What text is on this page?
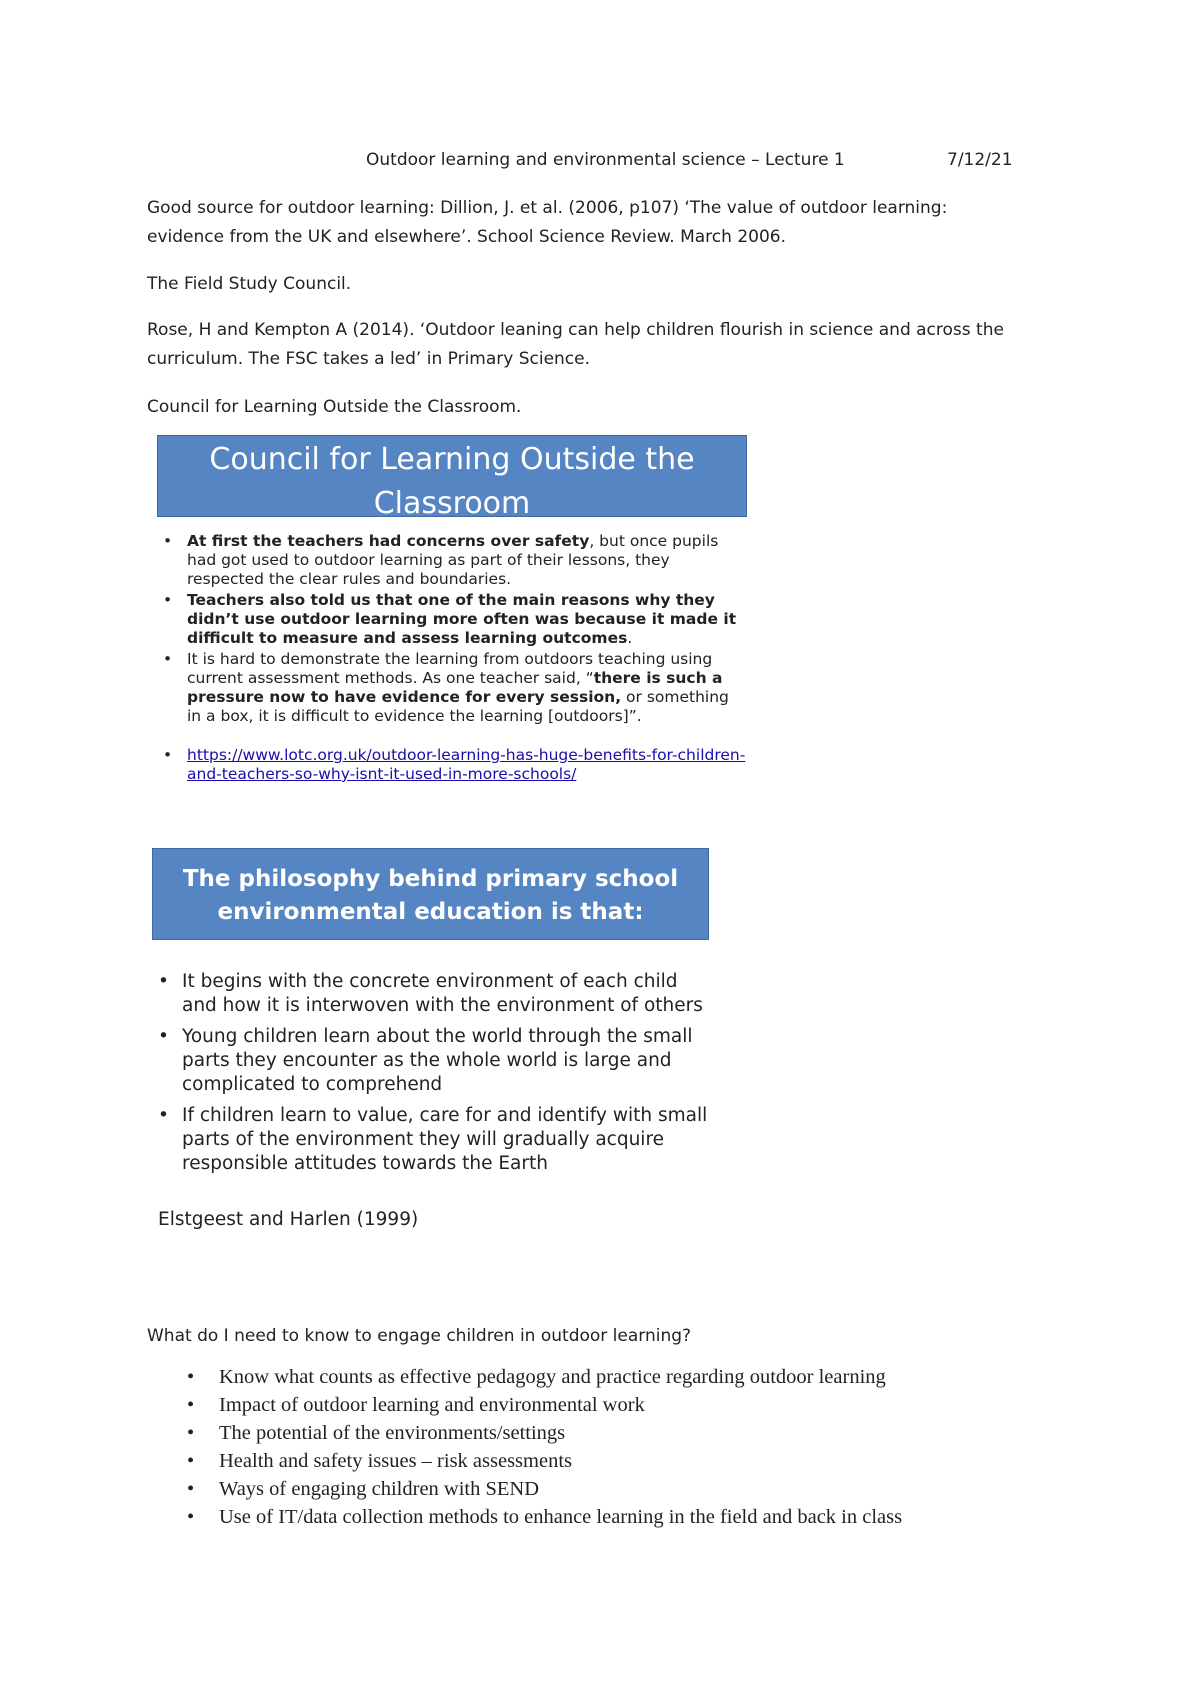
Outdoor learning and environmental science – Lecture 1	7/12/21
Good source for outdoor learning: Dillion, J. et al. (2006, p107) ‘The value of outdoor learning:
evidence from the UK and elsewhere’. School Science Review. March 2006.
The Field Study Council.
Rose, H and Kempton A (2014). ‘Outdoor leaning can help children flourish in science and across the
curriculum. The FSC takes a led’ in Primary Science.
Council for Learning Outside the Classroom.
Council for Learning Outside the
Classroom
• At first the teachers had concerns over safety, but once pupils had got used to outdoor learning as part of their lessons, they respected the clear rules and boundaries.
• Teachers also told us that one of the main reasons why they didn’t use outdoor learning more often was because it made it difficult to measure and assess learning outcomes.
• It is hard to demonstrate the learning from outdoors teaching using current assessment methods. As one teacher said, “there is such a pressure now to have evidence for every session, or something in a box, it is difficult to evidence the learning [outdoors]”.
• https://www.lotc.org.uk/outdoor-learning-has-huge-benefits-for-children-and-teachers-so-why-isnt-it-used-in-more-schools/
The philosophy behind primary school
environmental education is that:
• It begins with the concrete environment of each child and how it is interwoven with the environment of others
• Young children learn about the world through the small parts they encounter as the whole world is large and complicated to comprehend
• If children learn to value, care for and identify with small parts of the environment they will gradually acquire responsible attitudes towards the Earth
Elstgeest and Harlen (1999)
What do I need to know to engage children in outdoor learning?
• Know what counts as effective pedagogy and practice regarding outdoor learning
• Impact of outdoor learning and environmental work
• The potential of the environments/settings
• Health and safety issues – risk assessments
• Ways of engaging children with SEND
• Use of IT/data collection methods to enhance learning in the field and back in class
